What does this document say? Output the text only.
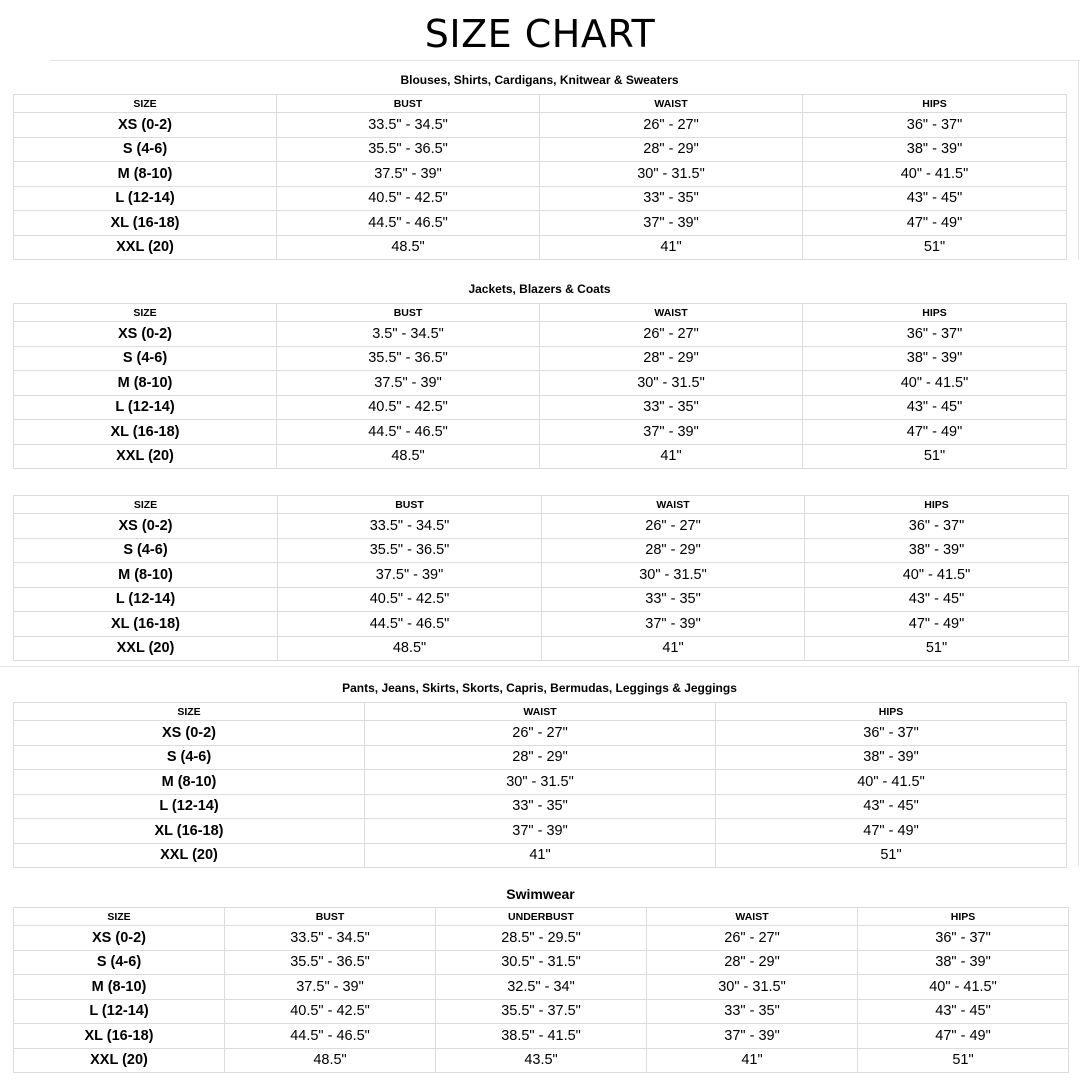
SIZE CHART
Blouses, Shirts, Cardigans, Knitwear & Sweaters
SIZE	BUST	WAIST	HIPS
XS (0-2)	33.5" - 34.5"	26" - 27"	36" - 37"
S (4-6)	35.5" - 36.5"	28" - 29"	38" - 39"
M (8-10)	37.5" - 39"	30" - 31.5"	40" - 41.5"
L (12-14)	40.5" - 42.5"	33" - 35"	43" - 45"
XL (16-18)	44.5" - 46.5"	37" - 39"	47" - 49"
XXL (20)	48.5"	41"	51"
Jackets, Blazers & Coats
SIZE	BUST	WAIST	HIPS
XS (0-2)	3.5" - 34.5"	26" - 27"	36" - 37"
S (4-6)	35.5" - 36.5"	28" - 29"	38" - 39"
M (8-10)	37.5" - 39"	30" - 31.5"	40" - 41.5"
L (12-14)	40.5" - 42.5"	33" - 35"	43" - 45"
XL (16-18)	44.5" - 46.5"	37" - 39"	47" - 49"
XXL (20)	48.5"	41"	51"
SIZE	BUST	WAIST	HIPS
XS (0-2)	33.5" - 34.5"	26" - 27"	36" - 37"
S (4-6)	35.5" - 36.5"	28" - 29"	38" - 39"
M (8-10)	37.5" - 39"	30" - 31.5"	40" - 41.5"
L (12-14)	40.5" - 42.5"	33" - 35"	43" - 45"
XL (16-18)	44.5" - 46.5"	37" - 39"	47" - 49"
XXL (20)	48.5"	41"	51"
Pants, Jeans, Skirts, Skorts, Capris, Bermudas, Leggings & Jeggings
SIZE	WAIST	HIPS
XS (0-2)	26" - 27"	36" - 37"
S (4-6)	28" - 29"	38" - 39"
M (8-10)	30" - 31.5"	40" - 41.5"
L (12-14)	33" - 35"	43" - 45"
XL (16-18)	37" - 39"	47" - 49"
XXL (20)	41"	51"
Swimwear
SIZE	BUST	UNDERBUST	WAIST	HIPS
XS (0-2)	33.5" - 34.5"	28.5" - 29.5"	26" - 27"	36" - 37"
S (4-6)	35.5" - 36.5"	30.5" - 31.5"	28" - 29"	38" - 39"
M (8-10)	37.5" - 39"	32.5" - 34"	30" - 31.5"	40" - 41.5"
L (12-14)	40.5" - 42.5"	35.5" - 37.5"	33" - 35"	43" - 45"
XL (16-18)	44.5" - 46.5"	38.5" - 41.5"	37" - 39"	47" - 49"
XXL (20)	48.5"	43.5"	41"	51"
